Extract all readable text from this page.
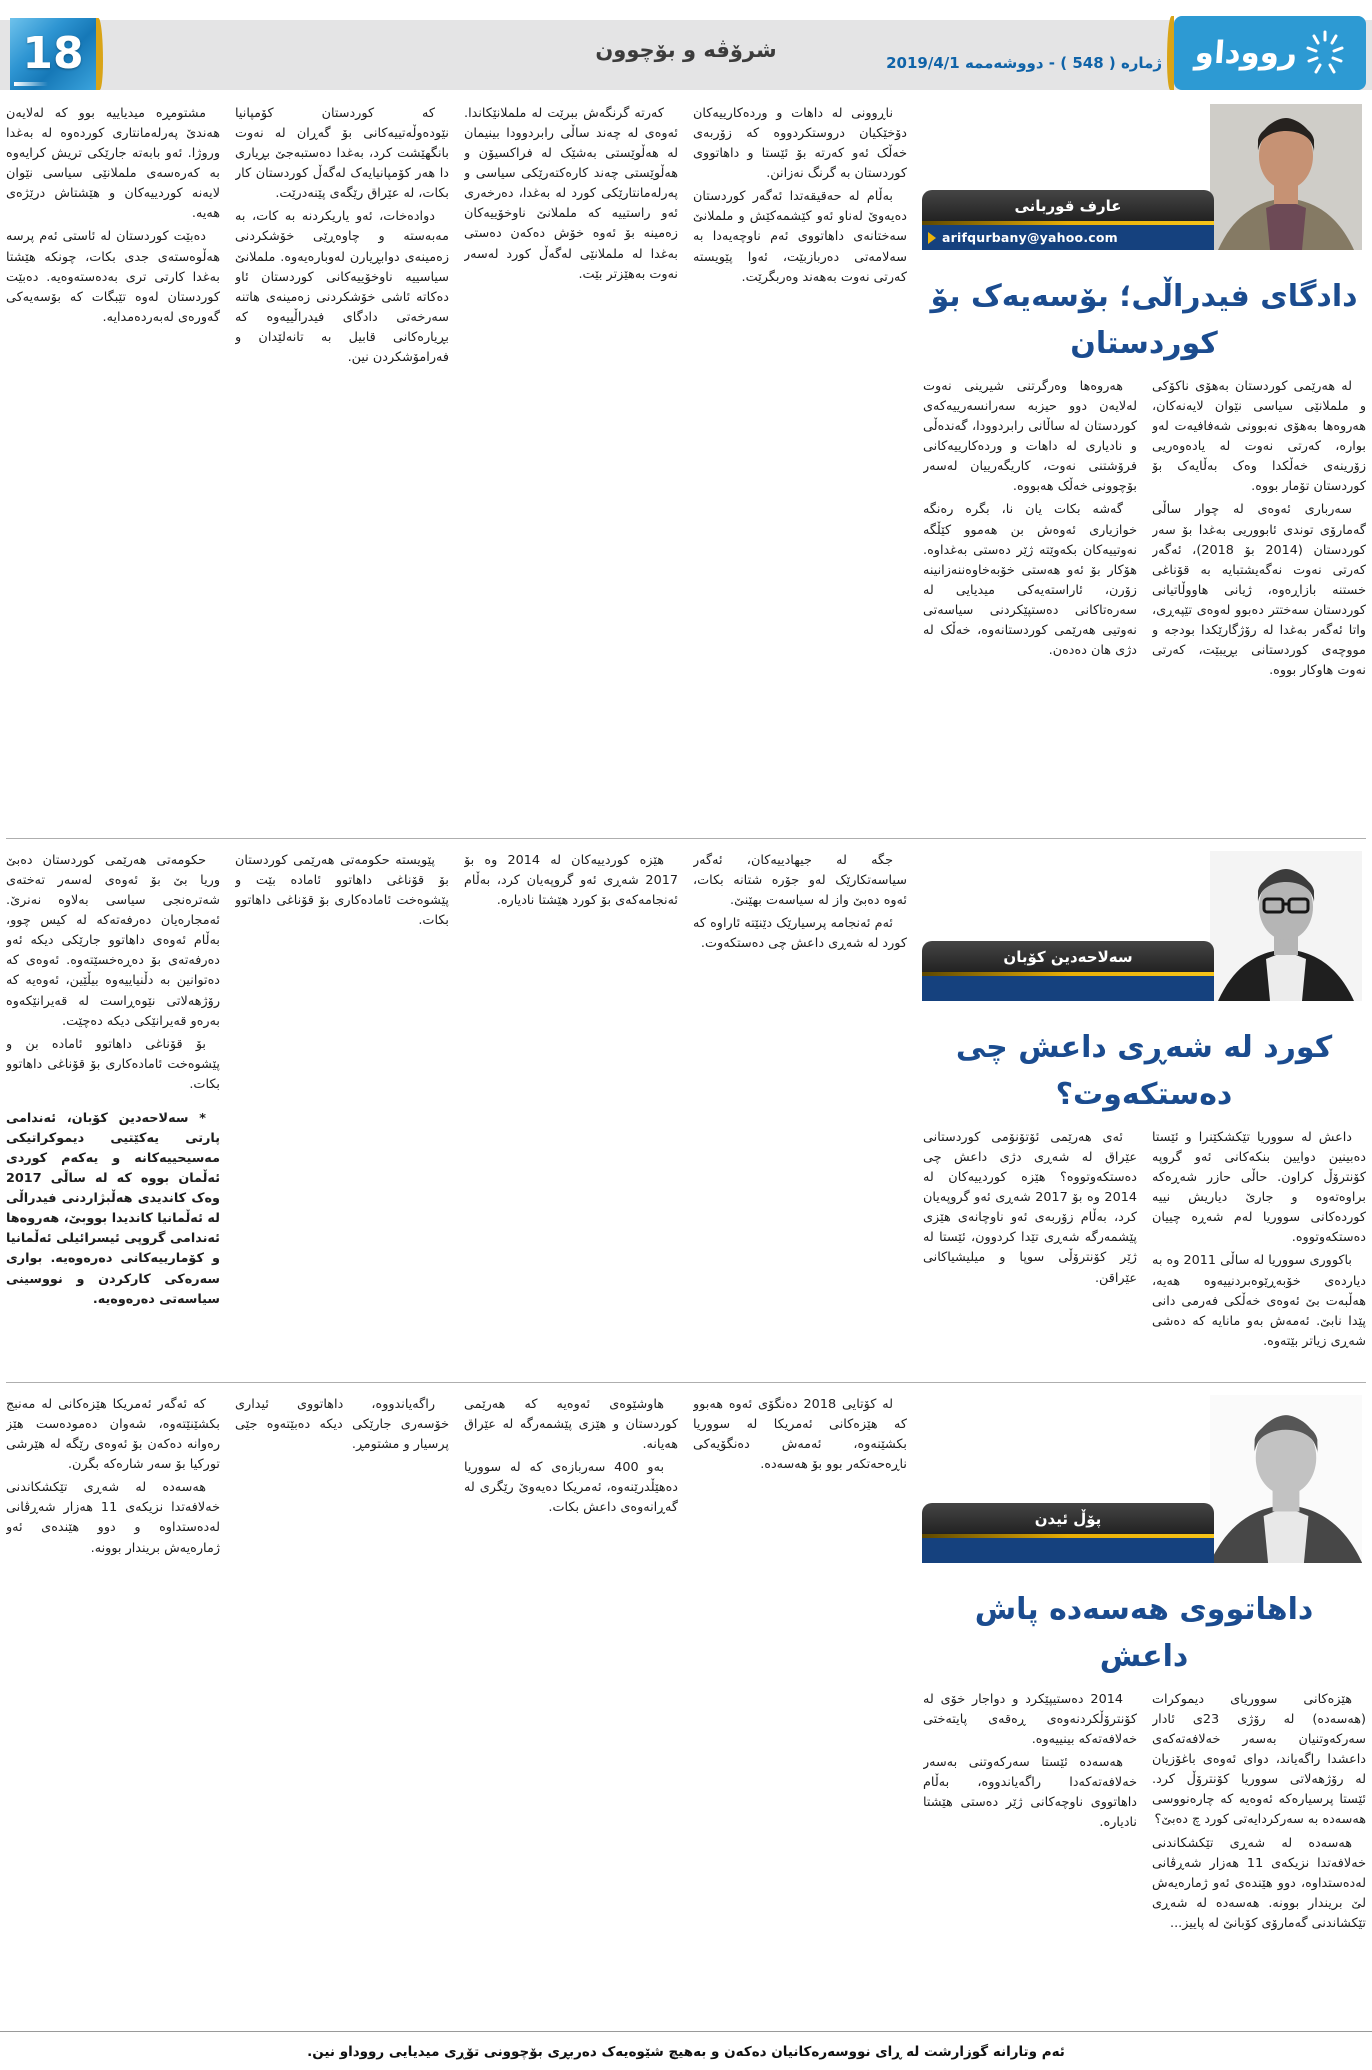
18	شرۆڤه و بۆچوون
ژماره ( 548 ) - دووشەممە 2019/4/1 رووداو
عارف قوربانی
arifqurbany@yahoo.com
دادگای فیدراڵی؛ بۆسەیەک بۆ کوردستان

لە هەرێمی کوردستان بەهۆی ناکۆکی و ململانێی سیاسی نێوان لایەنەکان، هەروەها بەهۆی نەبوونی شەفافیەت لەو بوارە، کەرتی نەوت لە یادەوەریی زۆرینەی خەڵکدا وەک بەڵایەک بۆ کوردستان تۆمار بووە.

سەرباری ئەوەی لە چوار ساڵی گەمارۆی توندی ئابووریی بەغدا بۆ سەر کوردستان (2014 بۆ 2018)، ئەگەر کەرتی نەوت نەگەیشتبایە بە قۆناغی خستنە بازاڕەوە، ژیانی هاووڵاتیانی کوردستان سەختتر دەبوو لەوەی تێپەڕی، واتا ئەگەر بەغدا لە رۆژگارێکدا بودجە و مووچەی کوردستانی بڕیبێت، کەرتی نەوت هاوکار بووە.

هەروەها وەرگرتنی شیرینی نەوت لەلایەن دوو حیزبە سەرانسەرییەکەی کوردستان لە ساڵانی رابردوودا، گەندەڵی و نادیاری لە داهات و وردەکارییەکانی فرۆشتنی نەوت، کاریگەرییان لەسەر بۆچوونی خەڵک هەبووە.

گەشە بکات یان نا، بگرە رەنگە خوازیاری ئەوەش بن هەموو کێڵگە نەوتییەکان بکەوێتە ژێر دەستی بەغداوە. هۆکار بۆ ئەو هەستی خۆبەخاوەننەزانینە زۆرن، ئاراستەیەکی میدیایی لە سەرەتاکانی دەستپێکردنی سیاسەتی نەوتیی هەرێمی کوردستانەوە، خەڵک لە دژی هان دەدەن.

ناڕوونی لە داهات و وردەکارییەکان دۆخێکیان دروستکردووە کە زۆربەی خەڵک ئەو کەرتە بۆ ئێستا و داهاتووی کوردستان بە گرنگ نەزانن.

بەڵام لە حەقیقەتدا ئەگەر کوردستان دەیەوێ لەناو ئەو کێشمەکێش و ململانێ سەختانەی داهاتووی ئەم ناوچەیەدا بە سەلامەتی دەربازبێت، ئەوا پێویستە کەرتی نەوت بەهەند وەربگرێت.

کەرتە گرنگەش ببرێت لە ململانێکاندا. ئەوەی لە چەند ساڵی رابردوودا بینیمان لە هەڵوێستی بەشێک لە فراکسیۆن و هەڵوێستی چەند کارەکتەرێکی سیاسی و پەرلەمانتارێکی کورد لە بەغدا، دەرخەری ئەو راستییە کە ململانێ ناوخۆییەکان زەمینە بۆ ئەوە خۆش دەکەن دەستی بەغدا لە ململانێی لەگەڵ کورد لەسەر نەوت بەهێزتر بێت.

کە کوردستان کۆمپانیا نێودەوڵەتییەکانی بۆ گەڕان لە نەوت بانگهێشت کرد، بەغدا دەستبەجێ بڕیاری دا هەر کۆمپانیایەک لەگەڵ کوردستان کار بکات، لە عێراق رێگەی پێنەدرێت.

دوادەخات، ئەو یاریکردنە بە کات، بە مەبەستە و چاوەڕێی خۆشکردنی زەمینەی دوابڕیارن لەوبارەیەوە. ململانێ سیاسییە ناوخۆییەکانی کوردستان ئاو دەکاتە ئاشی خۆشکردنی زەمینەی هاتنە سەرخەتی دادگای فیدراڵییەوە کە بڕیارەکانی قابیل بە تانەلێدان و فەرامۆشکردن نین.

مشتومڕە میدیاییە بوو کە لەلایەن هەندێ پەرلەمانتاری کوردەوە لە بەغدا وروژا. ئەو بابەتە جارێکی تریش کرایەوە بە کەرەسەی ململانێی سیاسی نێوان لایەنە کوردییەکان و هێشتاش درێژەی هەیە.

دەبێت کوردستان لە ئاستی ئەم پرسە هەڵوەستەی جدی بکات، چونکە هێشتا بەغدا کارتی تری بەدەستەوەیە. دەبێت کوردستان لەوە تێبگات کە بۆسەیەکی گەورەی لەبەردەمدایە.

سەلاحەدین کۆبان
کورد له شەڕی داعش چی دەستکەوت؟

داعش لە سووریا تێکشکێنرا و ئێستا دەبینین دوایین بنکەکانی ئەو گروپە کۆنترۆڵ کراون. حاڵی حازر شەڕەکە براوەتەوە و جارێ دیاریش نییە کوردەکانی سووریا لەم شەڕە چییان دەستکەوتووە.

باکووری سووریا لە ساڵی 2011 وە بە دیاردەی خۆبەڕێوەبردنییەوە هەیە، هەڵبەت بێ ئەوەی خەڵکی فەرمی دانی پێدا نابێ. ئەمەش بەو مانایە کە دەشی شەڕی زیاتر بێتەوە.

ئەی هەرێمی ئۆتۆنۆمی کوردستانی عێراق لە شەڕی دژی داعش چی دەستکەوتووە؟ هێزە کوردییەکان لە 2014 وە بۆ 2017 شەڕی ئەو گروپەیان کرد، بەڵام زۆربەی ئەو ناوچانەی هێزی پێشمەرگە شەڕی تێدا کردوون، ئێستا لە ژێر کۆنترۆڵی سوپا و میلیشیاکانی عێراقن.

جگە لە جیهادییەکان، ئەگەر سیاسەتکارێک لەو جۆرە شتانە بکات، ئەوە دەبێ واز لە سیاسەت بهێنێ.

ئەم ئەنجامە پرسیارێک دێنێتە ئاراوە کە کورد لە شەڕی داعش چی دەستکەوت.

هێزە کوردییەکان لە 2014 وە بۆ 2017 شەڕی ئەو گروپەیان کرد، بەڵام ئەنجامەکەی بۆ کورد هێشتا نادیارە.

پێویستە حکومەتی هەرێمی کوردستان بۆ قۆناغی داهاتوو ئامادە بێت و پێشوەخت ئامادەکاری بۆ قۆناغی داهاتوو بکات.

حکومەتی هەرێمی کوردستان دەبێ وریا بێ بۆ ئەوەی لەسەر تەختەی شەترەنجی سیاسی بەلاوە نەنرێ. ئەمجارەیان دەرفەتەکە لە کیس چوو، بەڵام ئەوەی داهاتوو جارێکی دیکە ئەو دەرفەتەی بۆ دەڕەخسێتەوە. ئەوەی کە دەتوانین بە دڵنیاییەوە بیڵێین، ئەوەیە کە رۆژهەلاتی نێوەڕاست لە قەیرانێکەوە بەرەو قەیرانێکی دیکە دەچێت.

بۆ قۆناغی داهاتوو ئامادە بن و پێشوەخت ئامادەکاری بۆ قۆناغی داهاتوو بکات.

* سەلاحەدین کۆبان، ئەندامی پارتی یەکێتیی دیموکراتیکی مەسیحییەکانە و یەکەم کوردی ئەڵمان بووە کە لە ساڵی 2017 وەک کاندیدی هەڵبژاردنی فیدراڵی لە ئەڵمانیا کاندیدا بووبێ، هەروەها ئەندامی گروپی ئیسرائیلی ئەڵمانیا و کۆمارییەکانی دەرەوەیە. بواری سەرەکی کارکردن و نووسینی سیاسەتی دەرەوەیە.

پۆڵ ئیدن
داهاتووی هەسەدە پاش داعش

هێزەکانی سووریای دیموکرات (هەسەدە) لە رۆژی 23ی ئادار سەرکەوتنیان بەسەر خەلافەتەکەی داعشدا راگەیاند، دوای ئەوەی باغۆزیان لە رۆژهەلاتی سووریا کۆنترۆڵ کرد. ئێستا پرسیارەکە ئەوەیە کە چارەنووسی هەسەدە بە سەرکردایەتی کورد چ دەبێ؟

هەسەدە لە شەڕی تێکشکاندنی خەلافەتدا نزیکەی 11 هەزار شەڕڤانی لەدەستداوە، دوو هێندەی ئەو ژمارەیەش لێ بریندار بوونە. هەسەدە لە شەڕی تێکشاندنی گەمارۆی کۆبانێ لە پاییز...

2014 دەستیپێکرد و دواجار خۆی لە کۆنترۆڵکردنەوەی ڕەقەی پایتەختی خەلافەتەکە بینییەوە.

هەسەدە ئێستا سەرکەوتنی بەسەر خەلافەتەکەدا راگەیاندووە، بەڵام داهاتووی ناوچەکانی ژێر دەستی هێشتا نادیارە.

لە کۆتایی 2018 دەنگۆی ئەوە هەبوو کە هێزەکانی ئەمریکا لە سووریا بکشێنەوە، ئەمەش دەنگۆیەکی ناڕەحەتکەر بوو بۆ هەسەدە.

هاوشێوەی ئەوەیە کە هەرێمی کوردستان و هێزی پێشمەرگە لە عێراق هەیانە.

بەو 400 سەربازەی کە لە سووریا دەهێڵدرێنەوە، ئەمریکا دەیەوێ رێگری لە گەڕانەوەی داعش بکات.

راگەیاندووە، داهاتووی ئیداری خۆسەری جارێکی دیکە دەبێتەوە جێی پرسیار و مشتومڕ.

کە ئەگەر ئەمریکا هێزەکانی لە مەنبج بکشێنێتەوە، شەوان دەمودەست هێز رەوانە دەکەن بۆ ئەوەی رێگە لە هێرشی تورکیا بۆ سەر شارەکە بگرن.

هەسەدە لە شەڕی تێکشکاندنی خەلافەتدا نزیکەی 11 هەزار شەڕڤانی لەدەستداوە و دوو هێندەی ئەو ژمارەیەش بریندار بوونە.

ئەم وتارانە گوزارشت لە ڕای نووسەرەکانیان دەکەن و بەهیچ شێوەیەک دەربڕی بۆچوونی تۆڕی میدیایی رووداو نین.
